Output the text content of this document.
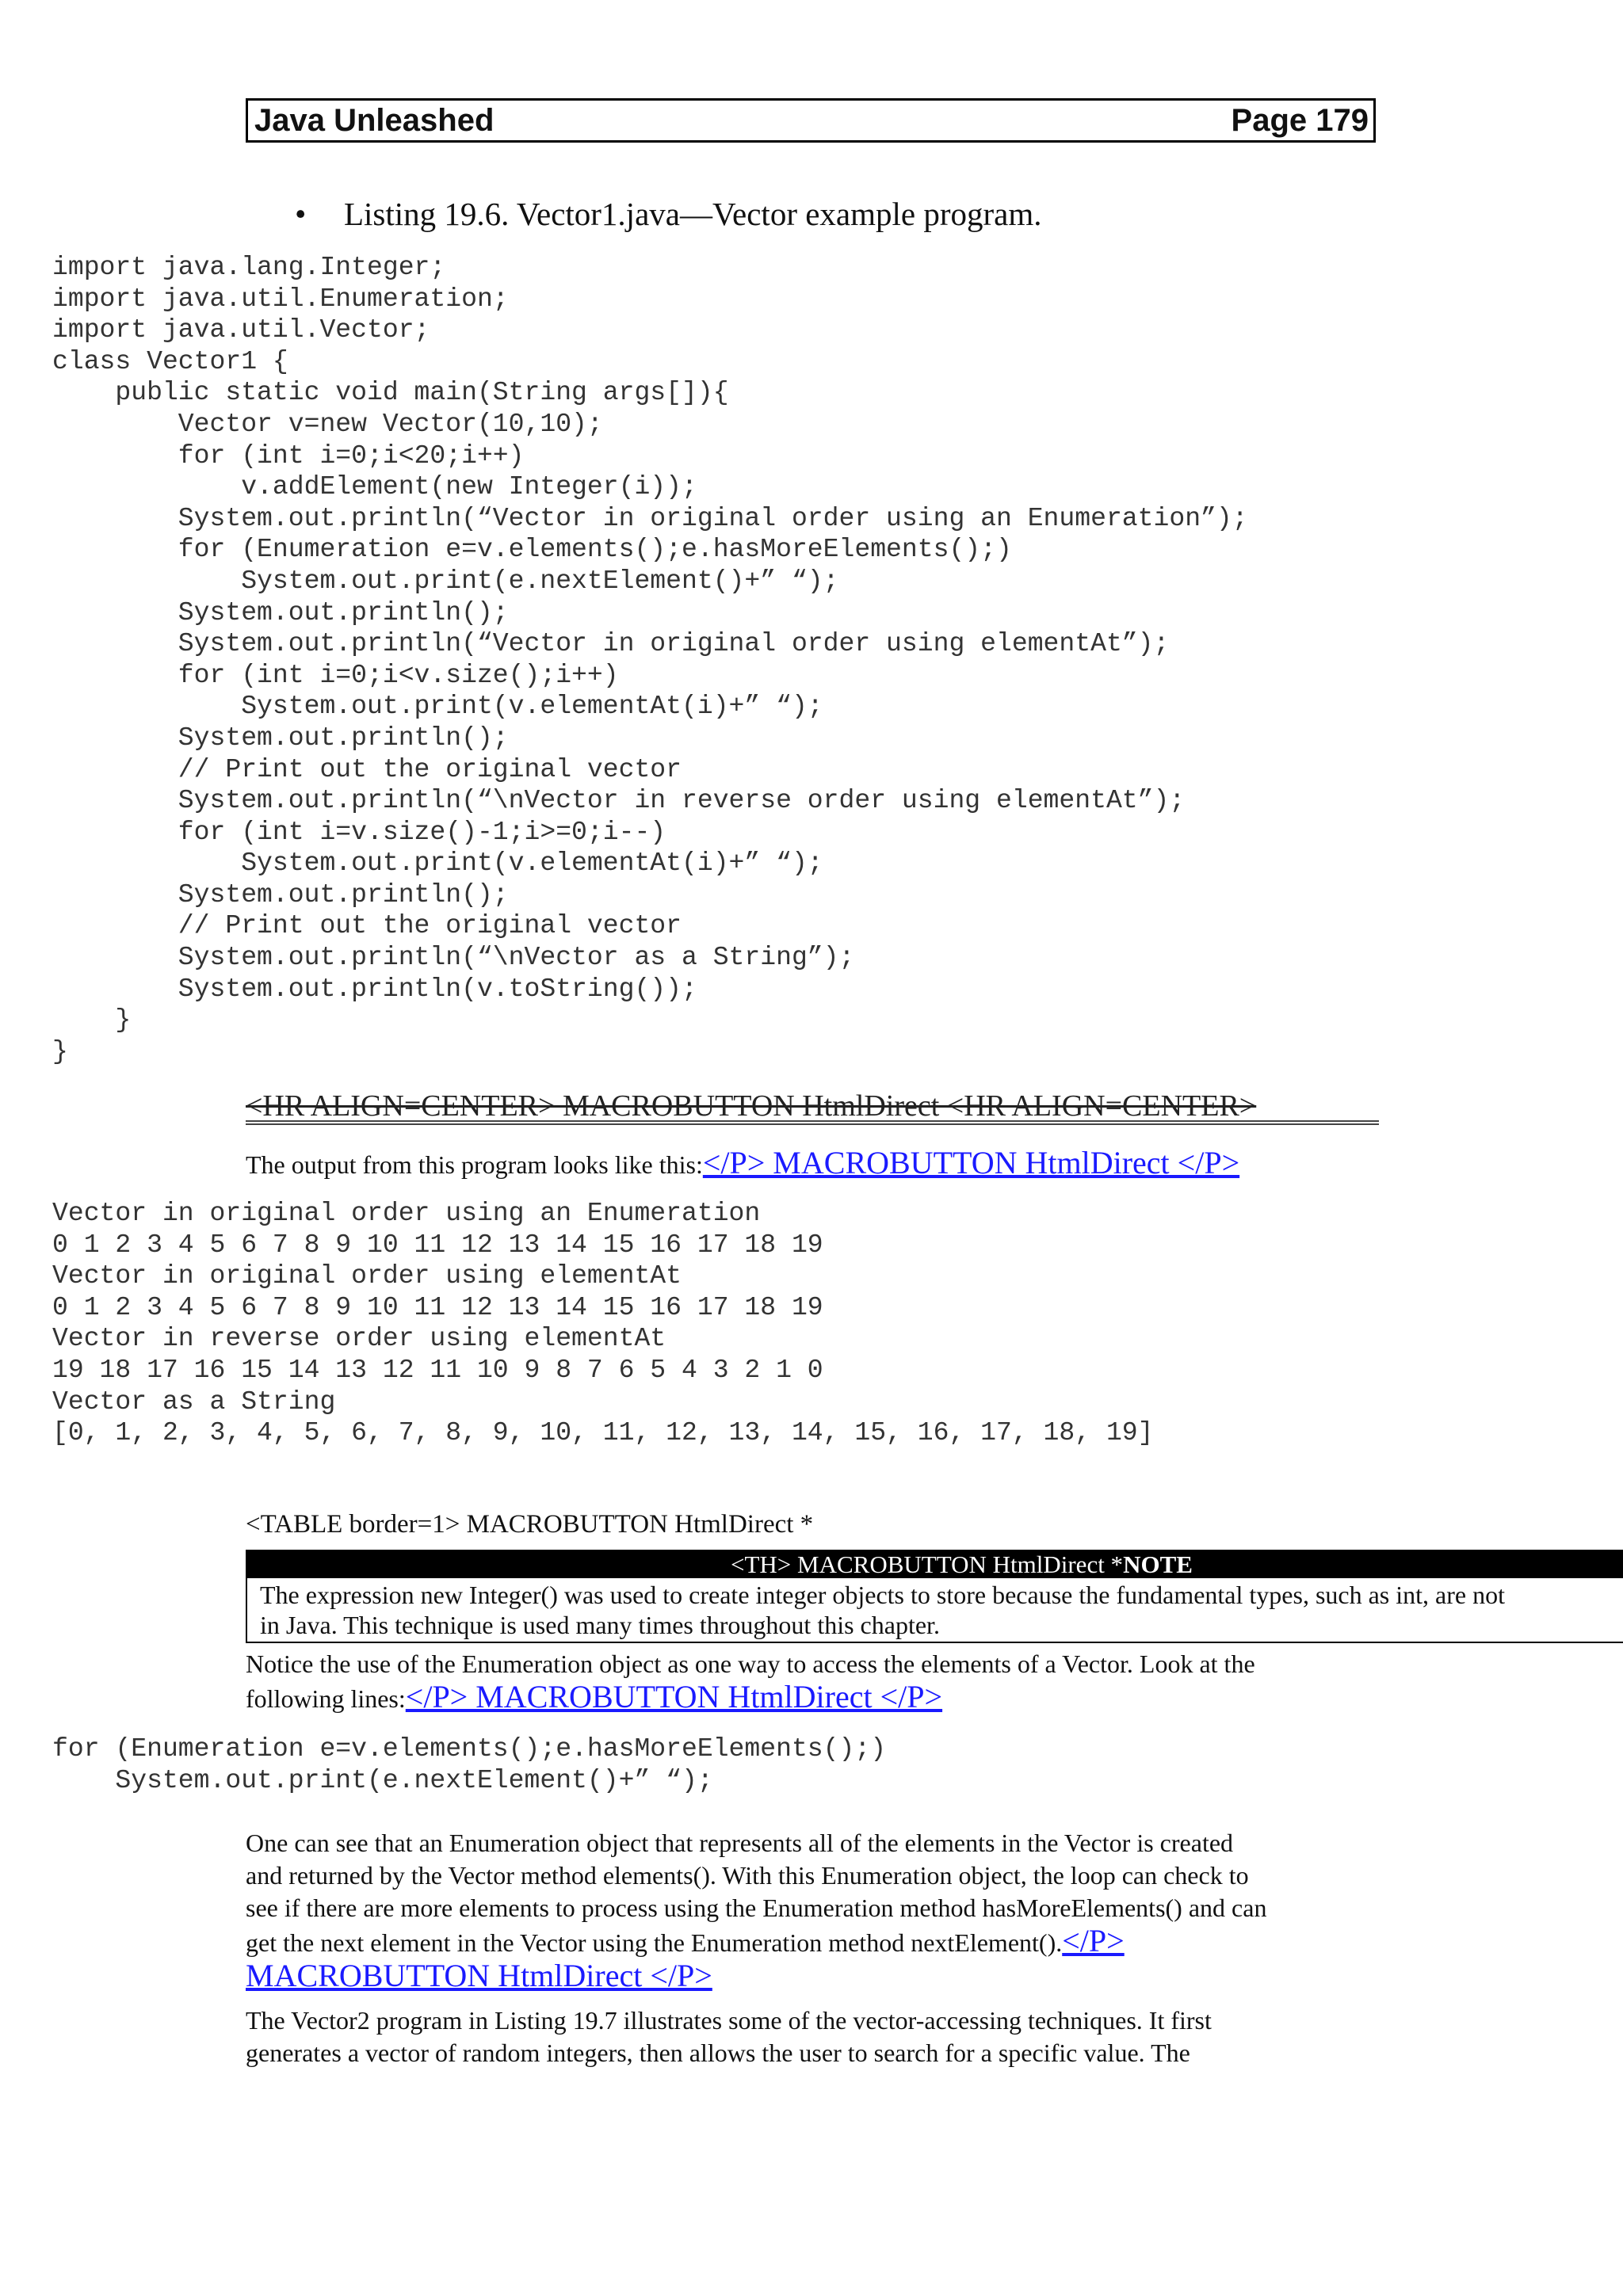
Java Unleashed	Page 179
• Listing 19.6. Vector1.java—Vector example program.
import java.lang.Integer;
import java.util.Enumeration;
import java.util.Vector;
class Vector1 {
public static void main(String args[]){
Vector v=new Vector(10,10);
for (int i=0;i<20;i++)
v.addElement(new Integer(i));
System.out.println(“Vector in original order using an Enumeration”);
for (Enumeration e=v.elements();e.hasMoreElements();)
System.out.print(e.nextElement()+” “);
System.out.println();
System.out.println(“Vector in original order using elementAt”);
for (int i=0;i<v.size();i++)
System.out.print(v.elementAt(i)+” “);
System.out.println();
// Print out the original vector
System.out.println(“\nVector in reverse order using elementAt”);
for (int i=v.size()-1;i>=0;i--)
System.out.print(v.elementAt(i)+” “);
System.out.println();
// Print out the original vector
System.out.println(“\nVector as a String”);
System.out.println(v.toString());
}
}
<HR ALIGN=CENTER> MACROBUTTON HtmlDirect <HR ALIGN=CENTER>
The output from this program looks like this:</P> MACROBUTTON HtmlDirect </P>
Vector in original order using an Enumeration
0 1 2 3 4 5 6 7 8 9 10 11 12 13 14 15 16 17 18 19
Vector in original order using elementAt
0 1 2 3 4 5 6 7 8 9 10 11 12 13 14 15 16 17 18 19
Vector in reverse order using elementAt
19 18 17 16 15 14 13 12 11 10 9 8 7 6 5 4 3 2 1 0
Vector as a String
[0, 1, 2, 3, 4, 5, 6, 7, 8, 9, 10, 11, 12, 13, 14, 15, 16, 17, 18, 19]
<TABLE border=1> MACROBUTTON HtmlDirect *
<TH> MACROBUTTON HtmlDirect *NOTE
The expression new Integer() was used to create integer objects to store because the fundamental types, such as int, are not
in Java. This technique is used many times throughout this chapter.
Notice the use of the Enumeration object as one way to access the elements of a Vector. Look at the
following lines:</P> MACROBUTTON HtmlDirect </P>
for (Enumeration e=v.elements();e.hasMoreElements();)
System.out.print(e.nextElement()+” “);
One can see that an Enumeration object that represents all of the elements in the Vector is created
and returned by the Vector method elements(). With this Enumeration object, the loop can check to
see if there are more elements to process using the Enumeration method hasMoreElements() and can
get the next element in the Vector using the Enumeration method nextElement().</P>
MACROBUTTON HtmlDirect </P>
The Vector2 program in Listing 19.7 illustrates some of the vector-accessing techniques. It first
generates a vector of random integers, then allows the user to search for a specific value. The
